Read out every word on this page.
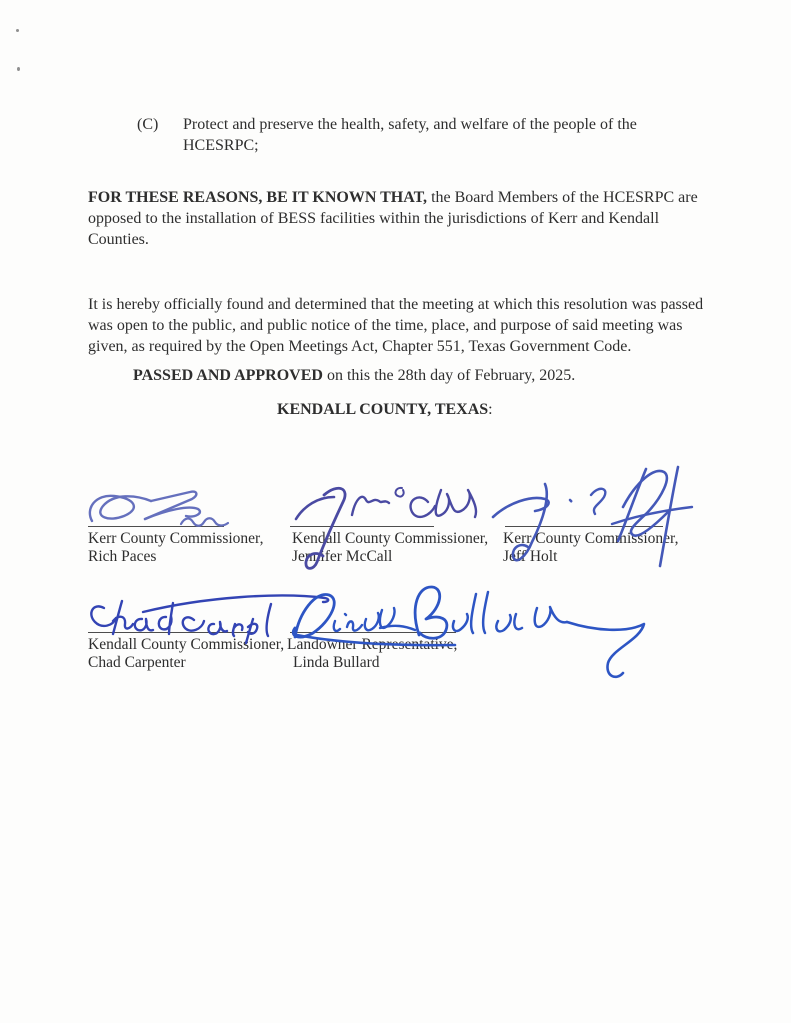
(C) Protect and preserve the health, safety, and welfare of the people of the
HCESRPC;
FOR THESE REASONS, BE IT KNOWN THAT, the Board Members of the HCESRPC are
opposed to the installation of BESS facilities within the jurisdictions of Kerr and Kendall
Counties.
It is hereby officially found and determined that the meeting at which this resolution was passed
was open to the public, and public notice of the time, place, and purpose of said meeting was
given, as required by the Open Meetings Act, Chapter 551, Texas Government Code.
PASSED AND APPROVED on this the 28th day of February, 2025.
KENDALL COUNTY, TEXAS:
Kerr County Commissioner,
Rich Paces
Kendall County Commissioner,
Jennifer McCall
Kerr County Commissioner,
Jeff Holt
Kendall County Commissioner,
Chad Carpenter
Landowner Representative,
Linda Bullard
